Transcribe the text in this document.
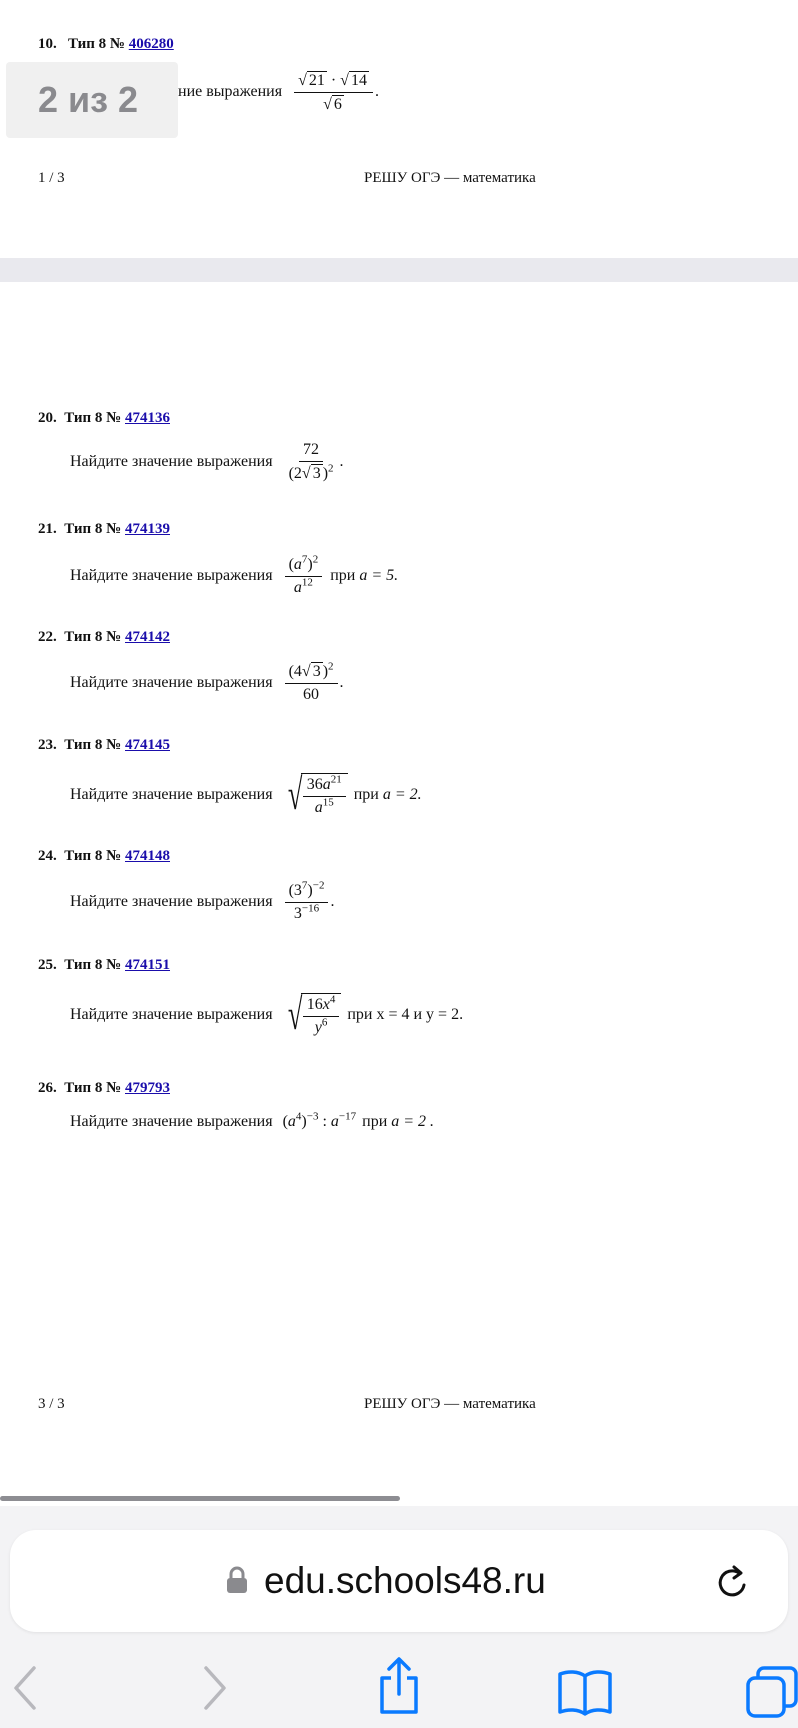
10. Тип 8 № 406280
ние выражения $\frac{√ 21 \cdot √ 14}{√ 6}$ .
1 / 3	РЕШУ ОГЭ — математика
2 из 2
20. Тип 8 № 474136
Найдите значение выражения $\frac{72}{(2√ 3 )^2}$ .
21. Тип 8 № 474139
Найдите значение выражения $\frac{(a^7)^2}{a^{12}}$ при
a = 5.
22. Тип 8 № 474142
Найдите значение выражения $\frac{(4√ 3 )^2}{60}$ .
23. Тип 8 № 474145
Найдите значение выражения √ $\frac{36a^{21}}{a^{15}}$ при
a = 2.
24. Тип 8 № 474148
Найдите значение выражения $\frac{(3^7)^{-2}}{3^{-16}}$ .
25. Тип 8 № 474151
Найдите значение выражения √ $\frac{16x^4}{y^6}$ при x = 4 и y = 2.
26. Тип 8 № 479793
Найдите значение выражения $(a^4)^{-3}$ : $a^{-17}$ при
a = 2 .
3 / 3	РЕШУ ОГЭ — математика
edu.schools48.ru
